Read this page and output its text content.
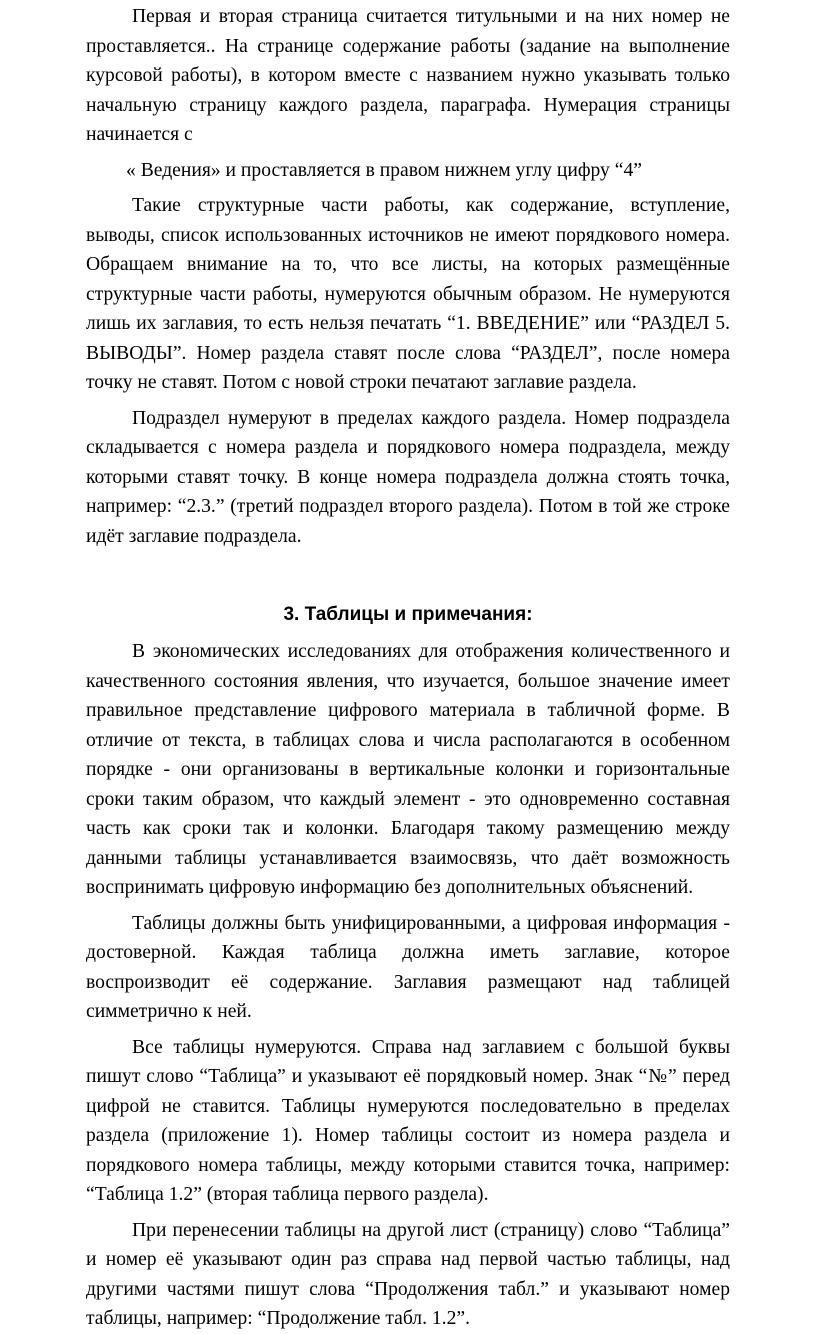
Первая и вторая страница считается титульными и на них номер не проставляется.. На странице содержание работы (задание на выполнение курсовой работы), в котором вместе с названием нужно указывать только начальную страницу каждого раздела, параграфа. Нумерация страницы начинается с

« Ведения» и проставляется в правом нижнем углу цифру “4”

Такие структурные части работы, как содержание, вступление, выводы, список использованных источников не имеют порядкового номера. Обращаем внимание на то, что все листы, на которых размещённые структурные части работы, нумеруются обычным образом. Не нумеруются лишь их заглавия, то есть нельзя печатать “1. ВВЕДЕНИЕ” или “РАЗДЕЛ 5. ВЫВОДЫ”. Номер раздела ставят после слова “РАЗДЕЛ”, после номера точку не ставят. Потом с новой строки печатают заглавие раздела.

Подраздел нумеруют в пределах каждого раздела. Номер подраздела складывается с номера раздела и порядкового номера подраздела, между которыми ставят точку. В конце номера подраздела должна стоять точка, например: “2.3.” (третий подраздел второго раздела). Потом в той же строке идёт заглавие подраздела.

3. Таблицы и примечания:

В экономических исследованиях для отображения количественного и качественного состояния явления, что изучается, большое значение имеет правильное представление цифрового материала в табличной форме. В отличие от текста, в таблицах слова и числа располагаются в особенном порядке - они организованы в вертикальные колонки и горизонтальные сроки таким образом, что каждый элемент - это одновременно составная часть как сроки так и колонки. Благодаря такому размещению между данными таблицы устанавливается взаимосвязь, что даёт возможность воспринимать цифровую информацию без дополнительных объяснений.

Таблицы должны быть унифицированными, а цифровая информация - достоверной. Каждая таблица должна иметь заглавие, которое воспроизводит её содержание. Заглавия размещают над таблицей симметрично к ней.

Все таблицы нумеруются. Справа над заглавием с большой буквы пишут слово “Таблица” и указывают её порядковый номер. Знак “№” перед цифрой не ставится. Таблицы нумеруются последовательно в пределах раздела (приложение 1). Номер таблицы состоит из номера раздела и порядкового номера таблицы, между которыми ставится точка, например: “Таблица 1.2” (вторая таблица первого раздела).

При перенесении таблицы на другой лист (страницу) слово “Таблица” и номер её указывают один раз справа над первой частью таблицы, над другими частями пишут слова “Продолжения табл.” и указывают номер таблицы, например: “Продолжение табл. 1.2”.
